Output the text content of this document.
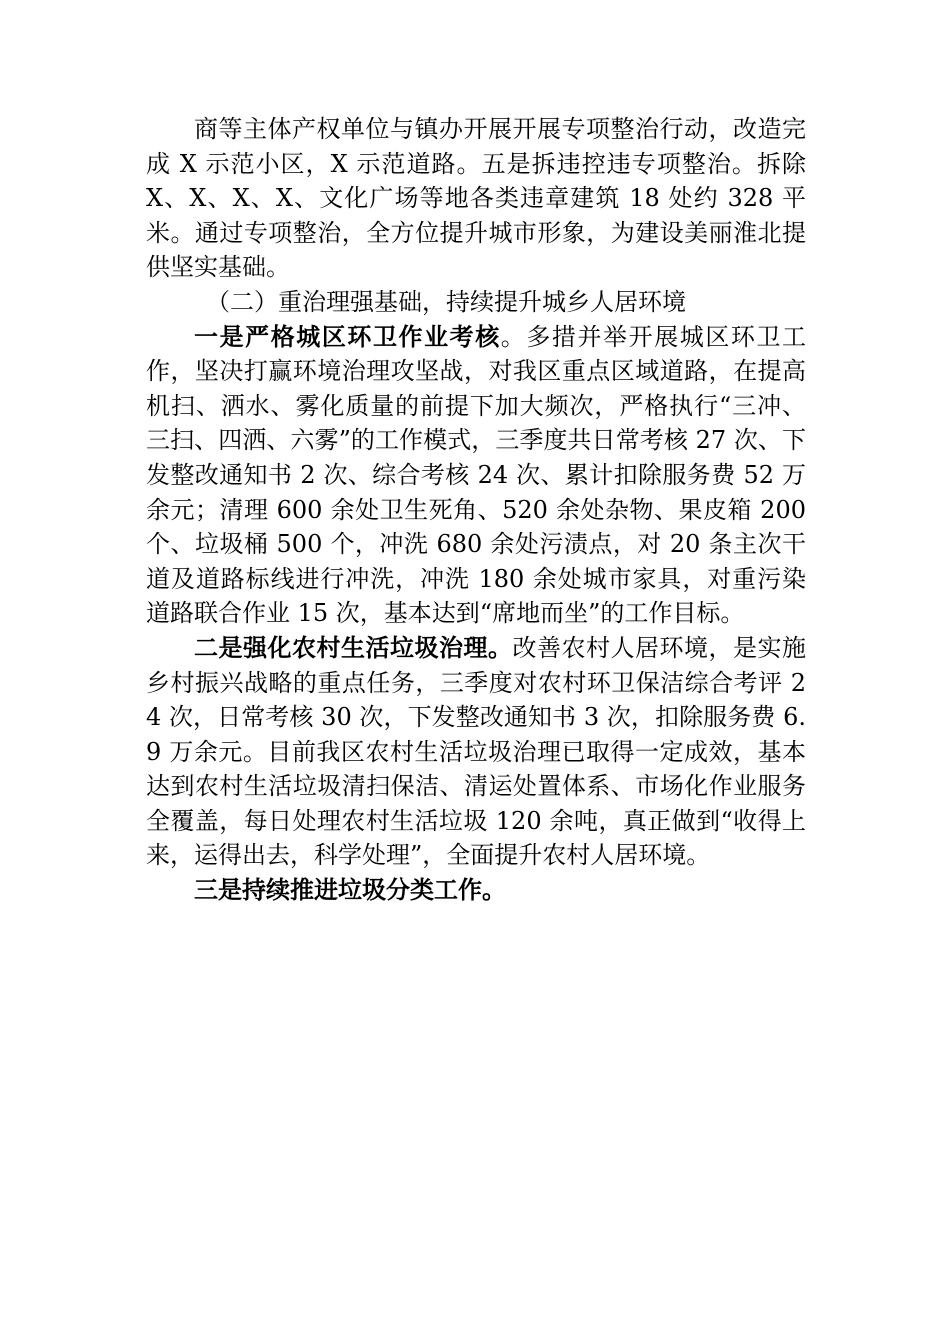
商等主体产权单位与镇办开展开展专项整治行动，改造完成 X 示范小区，X 示范道路。五是拆违控违专项整治。拆除 X、X、X、X、文化广场等地各类违章建筑 18 处约 328 平米。通过专项整治，全方位提升城市形象，为建设美丽淮北提供坚实基础。

（二）重治理强基础，持续提升城乡人居环境

一是严格城区环卫作业考核。多措并举开展城区环卫工作，坚决打赢环境治理攻坚战，对我区重点区域道路，在提高机扫、洒水、雾化质量的前提下加大频次，严格执行“三冲、三扫、四洒、六雾”的工作模式，三季度共日常考核 27 次、下发整改通知书 2 次、综合考核 24 次、累计扣除服务费 52 万余元；清理 600 余处卫生死角、520 余处杂物、果皮箱 200 个、垃圾桶 500 个，冲洗 680 余处污渍点，对 20 条主次干道及道路标线进行冲洗，冲洗 180 余处城市家具，对重污染道路联合作业 15 次，基本达到“席地而坐”的工作目标。

二是强化农村生活垃圾治理。改善农村人居环境，是实施乡村振兴战略的重点任务，三季度对农村环卫保洁综合考评 24 次，日常考核 30 次，下发整改通知书 3 次，扣除服务费 6.9 万余元。目前我区农村生活垃圾治理已取得一定成效，基本达到农村生活垃圾清扫保洁、清运处置体系、市场化作业服务全覆盖，每日处理农村生活垃圾 120 余吨，真正做到“收得上来，运得出去，科学处理”，全面提升农村人居环境。

三是持续推进垃圾分类工作。
